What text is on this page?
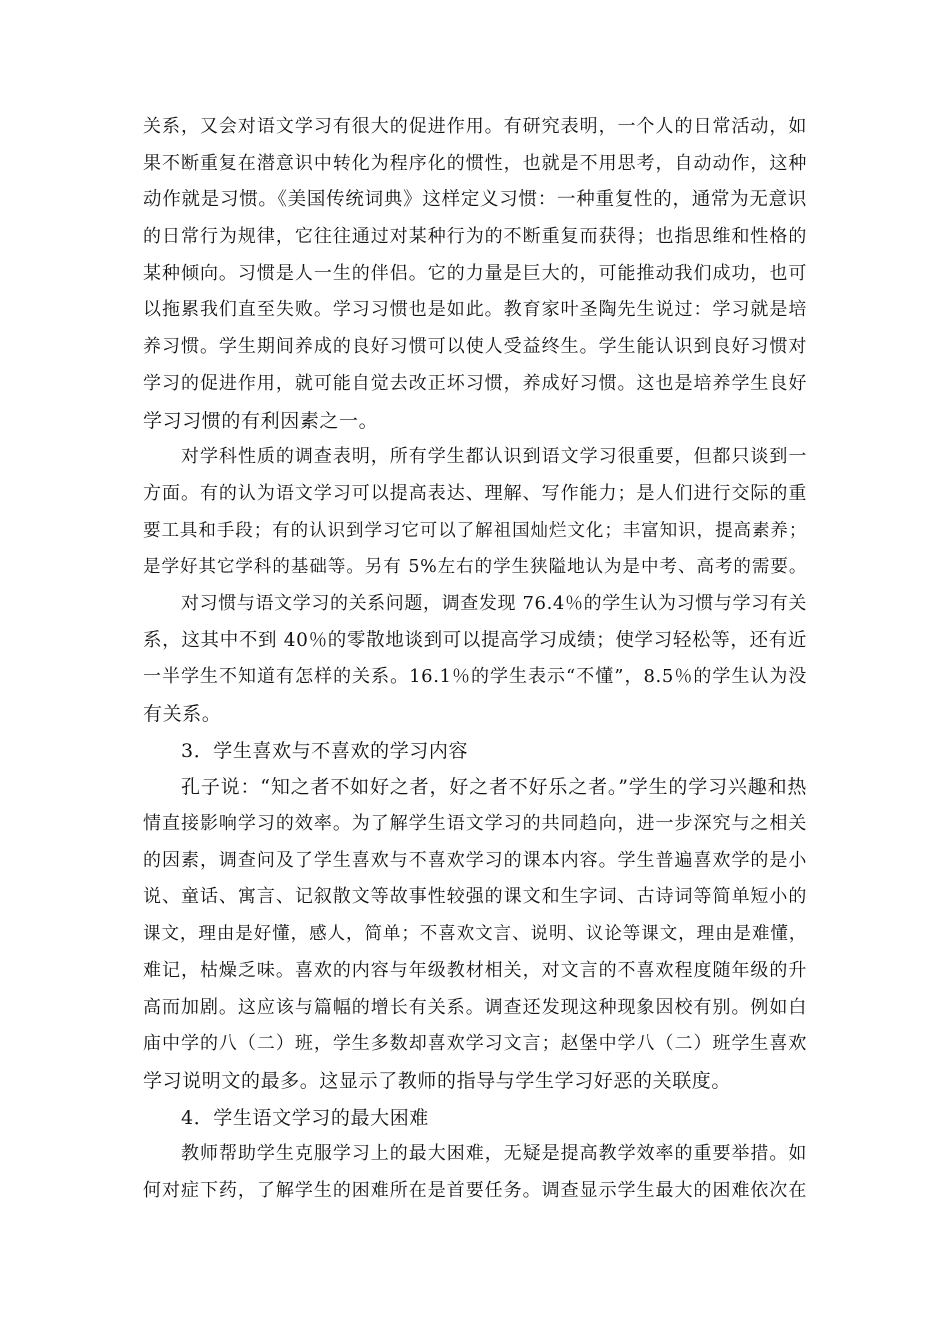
关系，又会对语文学习有很大的促进作用。有研究表明，一个人的日常活动，如
果不断重复在潜意识中转化为程序化的惯性，也就是不用思考，自动动作，这种
动作就是习惯。《美国传统词典》这样定义习惯：一种重复性的，通常为无意识
的日常行为规律，它往往通过对某种行为的不断重复而获得；也指思维和性格的
某种倾向。习惯是人一生的伴侣。它的力量是巨大的，可能推动我们成功，也可
以拖累我们直至失败。学习习惯也是如此。教育家叶圣陶先生说过：学习就是培
养习惯。学生期间养成的良好习惯可以使人受益终生。学生能认识到良好习惯对
学习的促进作用，就可能自觉去改正坏习惯，养成好习惯。这也是培养学生良好
学习习惯的有利因素之一。
对学科性质的调查表明，所有学生都认识到语文学习很重要，但都只谈到一
方面。有的认为语文学习可以提高表达、理解、写作能力；是人们进行交际的重
要工具和手段；有的认识到学习它可以了解祖国灿烂文化；丰富知识，提高素养；
是学好其它学科的基础等。另有 5%左右的学生狭隘地认为是中考、高考的需要。
对习惯与语文学习的关系问题，调查发现 76.4％的学生认为习惯与学习有关
系，这其中不到 40％的零散地谈到可以提高学习成绩；使学习轻松等，还有近
一半学生不知道有怎样的关系。16.1％的学生表示“不懂”，8.5％的学生认为没
有关系。
3．学生喜欢与不喜欢的学习内容
孔子说：“知之者不如好之者，好之者不好乐之者。”学生的学习兴趣和热
情直接影响学习的效率。为了解学生语文学习的共同趋向，进一步深究与之相关
的因素，调查问及了学生喜欢与不喜欢学习的课本内容。学生普遍喜欢学的是小
说、童话、寓言、记叙散文等故事性较强的课文和生字词、古诗词等简单短小的
课文，理由是好懂，感人，简单；不喜欢文言、说明、议论等课文，理由是难懂，
难记，枯燥乏味。喜欢的内容与年级教材相关，对文言的不喜欢程度随年级的升
高而加剧。这应该与篇幅的增长有关系。调查还发现这种现象因校有别。例如白
庙中学的八（二）班，学生多数却喜欢学习文言；赵堡中学八（二）班学生喜欢
学习说明文的最多。这显示了教师的指导与学生学习好恶的关联度。
4．学生语文学习的最大困难
教师帮助学生克服学习上的最大困难，无疑是提高教学效率的重要举措。如
何对症下药，了解学生的困难所在是首要任务。调查显示学生最大的困难依次在
